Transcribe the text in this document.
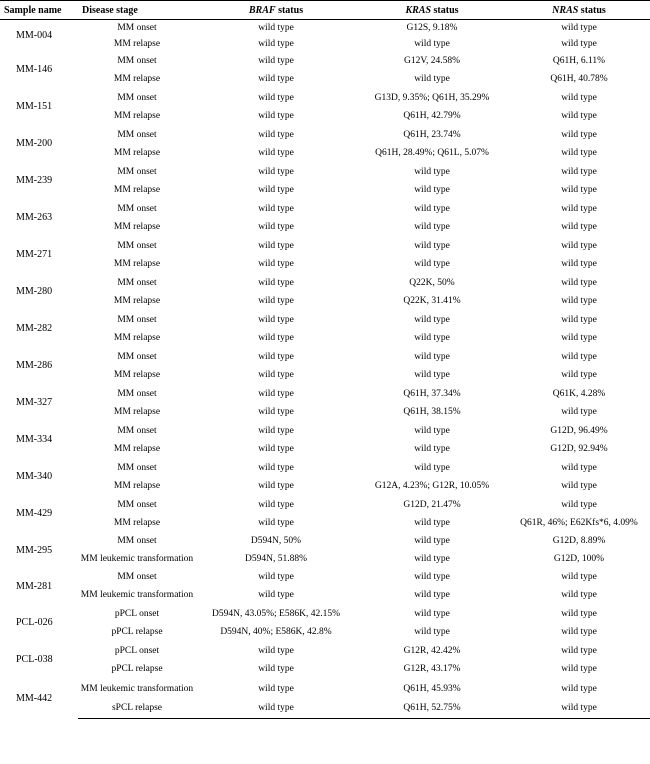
Sample name	Disease stage	BRAF status	KRAS status	NRAS status
MM-004	MM onset	wild type	G12S, 9.18%	wild type
	MM relapse	wild type	wild type	wild type
MM-146	MM onset	wild type	G12V, 24.58%	Q61H, 6.11%
	MM relapse	wild type	wild type	Q61H, 40.78%
MM-151	MM onset	wild type	G13D, 9.35%; Q61H, 35.29%	wild type
	MM relapse	wild type	Q61H, 42.79%	wild type
MM-200	MM onset	wild type	Q61H, 23.74%	wild type
	MM relapse	wild type	Q61H, 28.49%; Q61L, 5.07%	wild type
MM-239	MM onset	wild type	wild type	wild type
	MM relapse	wild type	wild type	wild type
MM-263	MM onset	wild type	wild type	wild type
	MM relapse	wild type	wild type	wild type
MM-271	MM onset	wild type	wild type	wild type
	MM relapse	wild type	wild type	wild type
MM-280	MM onset	wild type	Q22K, 50%	wild type
	MM relapse	wild type	Q22K, 31.41%	wild type
MM-282	MM onset	wild type	wild type	wild type
	MM relapse	wild type	wild type	wild type
MM-286	MM onset	wild type	wild type	wild type
	MM relapse	wild type	wild type	wild type
MM-327	MM onset	wild type	Q61H, 37.34%	Q61K, 4.28%
	MM relapse	wild type	Q61H, 38.15%	wild type
MM-334	MM onset	wild type	wild type	G12D, 96.49%
	MM relapse	wild type	wild type	G12D, 92.94%
MM-340	MM onset	wild type	wild type	wild type
	MM relapse	wild type	G12A, 4.23%; G12R, 10.05%	wild type
MM-429	MM onset	wild type	G12D, 21.47%	wild type
	MM relapse	wild type	wild type	Q61R, 46%; E62Kfs*6, 4.09%
MM-295	MM onset	D594N, 50%	wild type	G12D, 8.89%
	MM leukemic transformation	D594N, 51.88%	wild type	G12D, 100%
MM-281	MM onset	wild type	wild type	wild type
	MM leukemic transformation	wild type	wild type	wild type
PCL-026	pPCL onset	D594N, 43.05%; E586K, 42.15%	wild type	wild type
	pPCL relapse	D594N, 40%; E586K, 42.8%	wild type	wild type
PCL-038	pPCL onset	wild type	G12R, 42.42%	wild type
	pPCL relapse	wild type	G12R, 43.17%	wild type
MM-442	MM leukemic transformation	wild type	Q61H, 45.93%	wild type
	sPCL relapse	wild type	Q61H, 52.75%	wild type
